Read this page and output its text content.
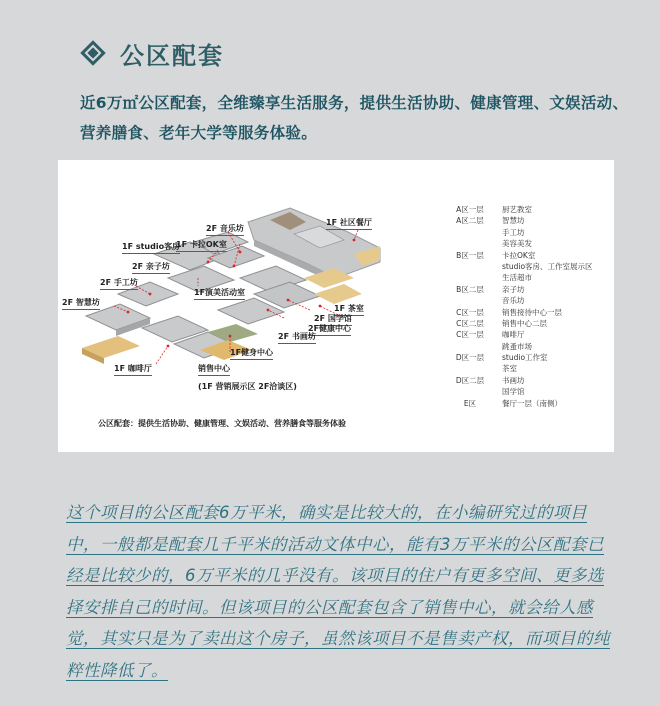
公区配套
近6万㎡公区配套，全维臻享生活服务，提供生活协助、健康管理、文娱活动、营养膳食、老年大学等服务体验。
2F 音乐坊
1F 社区餐厅
1F 卡拉OK室
1F studio客房
2F 亲子坊
2F 手工坊
1F演美活动室
2F 智慧坊
1F 茶室
2F 国学馆
2F健康中心
2F 书画坊
1F健身中心
1F 咖啡厅	销售中心
(1F 营销展示区 2F洽谈区)
A区一层	厨艺教室
A区二层	智慧坊
手工坊
美容美发
B区一层	卡拉OK室
studio客房、工作室展示区
生活超市
B区二层	亲子坊
音乐坊
C区一层	销售接待中心一层
C区二层	销售中心二层
C区一层	咖啡厅
跳蚤市场
D区一层	studio工作室
茶室
D区二层	书画坊
国学馆
E区	餐厅一层（南侧）
公区配套：提供生活协助、健康管理、文娱活动、营养膳食等服务体验
这个项目的公区配套6万平米，确实是比较大的，在小编研究过的项目中，一般都是配套几千平米的活动文体中心，能有3万平米的公区配套已经是比较少的，6万平米的几乎没有。该项目的住户有更多空间、更多选择安排自己的时间。但该项目的公区配套包含了销售中心，就会给人感觉，其实只是为了卖出这个房子，虽然该项目不是售卖产权，而项目的纯粹性降低了。
